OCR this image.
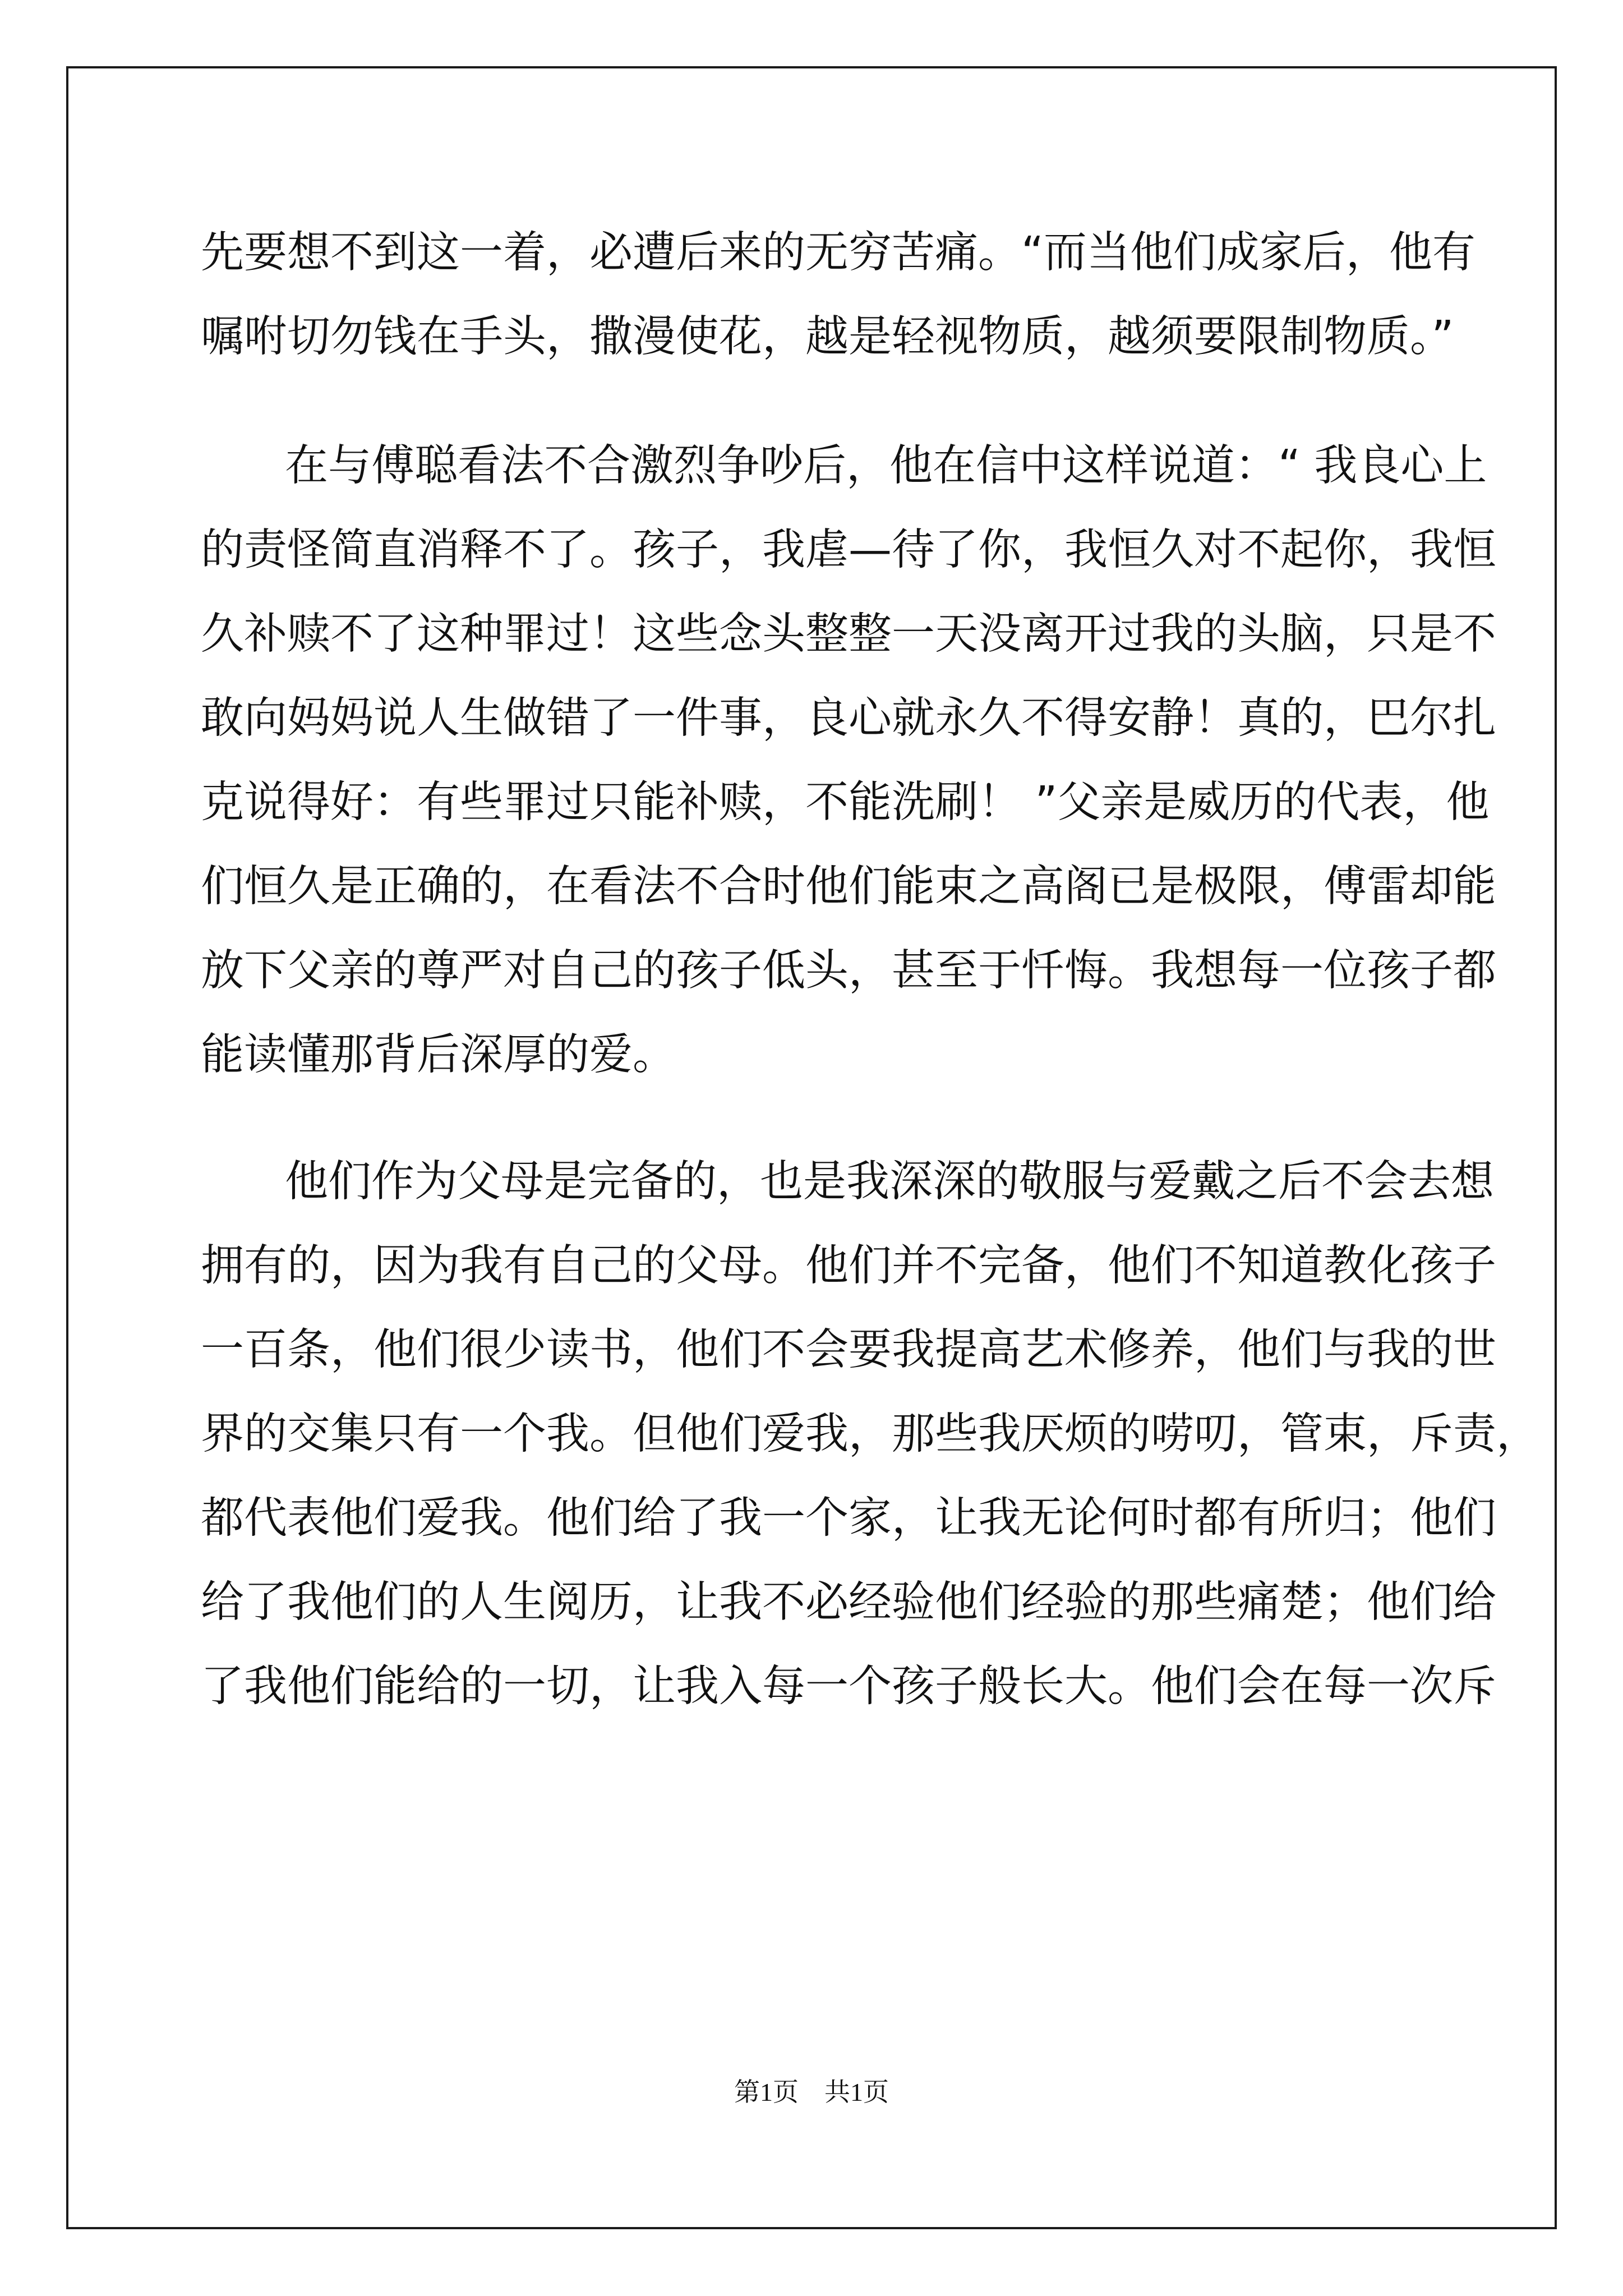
先要想不到这一着，必遭后来的无穷苦痛。“而当他们成家后，他有

嘱咐切勿钱在手头，撒漫使花，越是轻视物质，越须要限制物质。”

在与傅聪看法不合激烈争吵后，他在信中这样说道：“ 我良心上

的责怪简直消释不了。孩子，我虐—待了你，我恒久对不起你，我恒

久补赎不了这种罪过！这些念头整整一天没离开过我的头脑，只是不

敢向妈妈说人生做错了一件事，良心就永久不得安静！真的，巴尔扎

克说得好：有些罪过只能补赎，不能洗刷！ ”父亲是威历的代表，他

们恒久是正确的，在看法不合时他们能束之高阁已是极限，傅雷却能

放下父亲的尊严对自己的孩子低头，甚至于忏悔。我想每一位孩子都

能读懂那背后深厚的爱。

他们作为父母是完备的，也是我深深的敬服与爱戴之后不会去想

拥有的，因为我有自己的父母。他们并不完备，他们不知道教化孩子

一百条，他们很少读书，他们不会要我提高艺术修养，他们与我的世

界的交集只有一个我。但他们爱我，那些我厌烦的唠叨，管束，斥责，

都代表他们爱我。他们给了我一个家，让我无论何时都有所归；他们

给了我他们的人生阅历，让我不必经验他们经验的那些痛楚；他们给

了我他们能给的一切，让我入每一个孩子般长大。他们会在每一次斥

第1页　共1页
